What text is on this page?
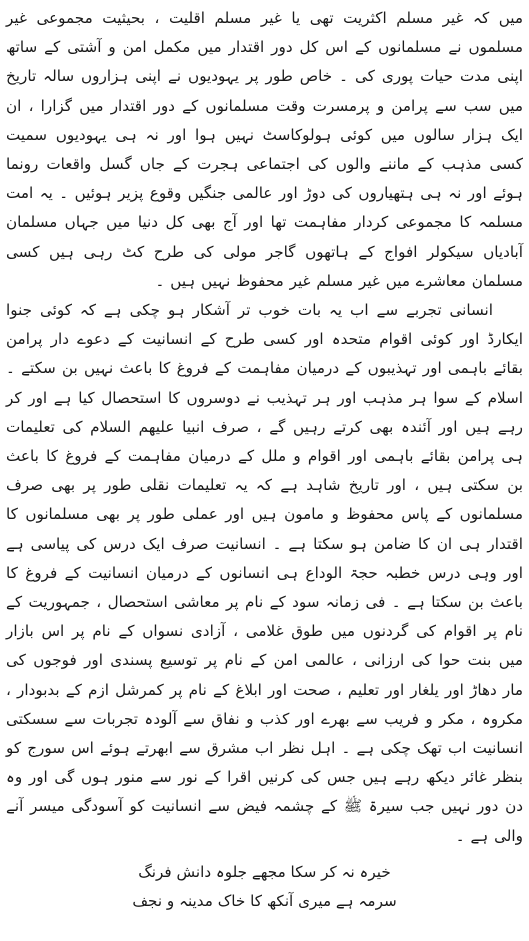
میں کہ غیر مسلم اکثریت تھی یا غیر مسلم اقلیت ، بحیثیت مجموعی غیر مسلموں نے مسلمانوں کے اس کل دور اقتدار میں مکمل امن و آشتی کے ساتھ اپنی مدت حیات پوری کی ۔ خاص طور پر یہودیوں نے اپنی ہزاروں سالہ تاریخ میں سب سے پرامن و پرمسرت وقت مسلمانوں کے دور اقتدار میں گزارا ، ان ایک ہزار سالوں میں کوئی ہولوکاسٹ نہیں ہوا اور نہ ہی یہودیوں سمیت کسی مذہب کے ماننے والوں کی اجتماعی ہجرت کے جاں گسل واقعات رونما ہوئے اور نہ ہی ہتھیاروں کی دوڑ اور عالمی جنگیں وقوع پزیر ہوئیں ۔ یہ امت مسلمہ کا مجموعی کردار مفاہمت تھا اور آج بھی کل دنیا میں جہاں مسلمان آبادیاں سیکولر افواج کے ہاتھوں گاجر مولی کی طرح کٹ رہی ہیں کسی مسلمان معاشرے میں غیر مسلم غیر محفوظ نہیں ہیں ۔

انسانی تجربے سے اب یہ بات خوب تر آشکار ہو چکی ہے کہ کوئی جنوا ایکارڈ اور کوئی اقوام متحدہ اور کسی طرح کے انسانیت کے دعوے دار پرامن بقائے باہمی اور تہذیبوں کے درمیان مفاہمت کے فروغ کا باعث نہیں بن سکتے ۔ اسلام کے سوا ہر مذہب اور ہر تہذیب نے دوسروں کا استحصال کیا ہے اور کر رہے ہیں اور آئندہ بھی کرتے رہیں گے ، صرف انبیا علیھم السلام کی تعلیمات ہی پرامن بقائے باہمی اور اقوام و ملل کے درمیان مفاہمت کے فروغ کا باعث بن سکتی ہیں ، اور تاریخ شاہد ہے کہ یہ تعلیمات نقلی طور پر بھی صرف مسلمانوں کے پاس محفوظ و مامون ہیں اور عملی طور پر بھی مسلمانوں کا اقتدار ہی ان کا ضامن ہو سکتا ہے ۔ انسانیت صرف ایک درس کی پیاسی ہے اور وہی درس خطبہ حجۃ الوداع ہی انسانوں کے درمیان انسانیت کے فروغ کا باعث بن سکتا ہے ۔ فی زمانہ سود کے نام پر معاشی استحصال ، جمہوریت کے نام پر اقوام کی گردنوں میں طوق غلامی ، آزادی نسواں کے نام پر اس بازار میں بنت حوا کی ارزانی ، عالمی امن کے نام پر توسیع پسندی اور فوجوں کی مار دھاڑ اور یلغار اور تعلیم ، صحت اور ابلاغ کے نام پر کمرشل ازم کے بدبودار ، مکروہ ، مکر و فریب سے بھرے اور کذب و نفاق سے آلودہ تجربات سے سسکتی انسانیت اب تھک چکی ہے ۔ اہل نظر اب مشرق سے ابھرتے ہوئے اس سورج کو بنظر غائر دیکھ رہے ہیں جس کی کرنیں اقرا کے نور سے منور ہوں گی اور وہ دن دور نہیں جب سیرۃ ﷺ کے چشمہ فیض سے انسانیت کو آسودگی میسر آنے والی ہے ۔

خیرہ نہ کر سکا مجھے جلوہ دانش فرنگ

سرمہ ہے میری آنکھ کا خاک مدینہ و نجف
